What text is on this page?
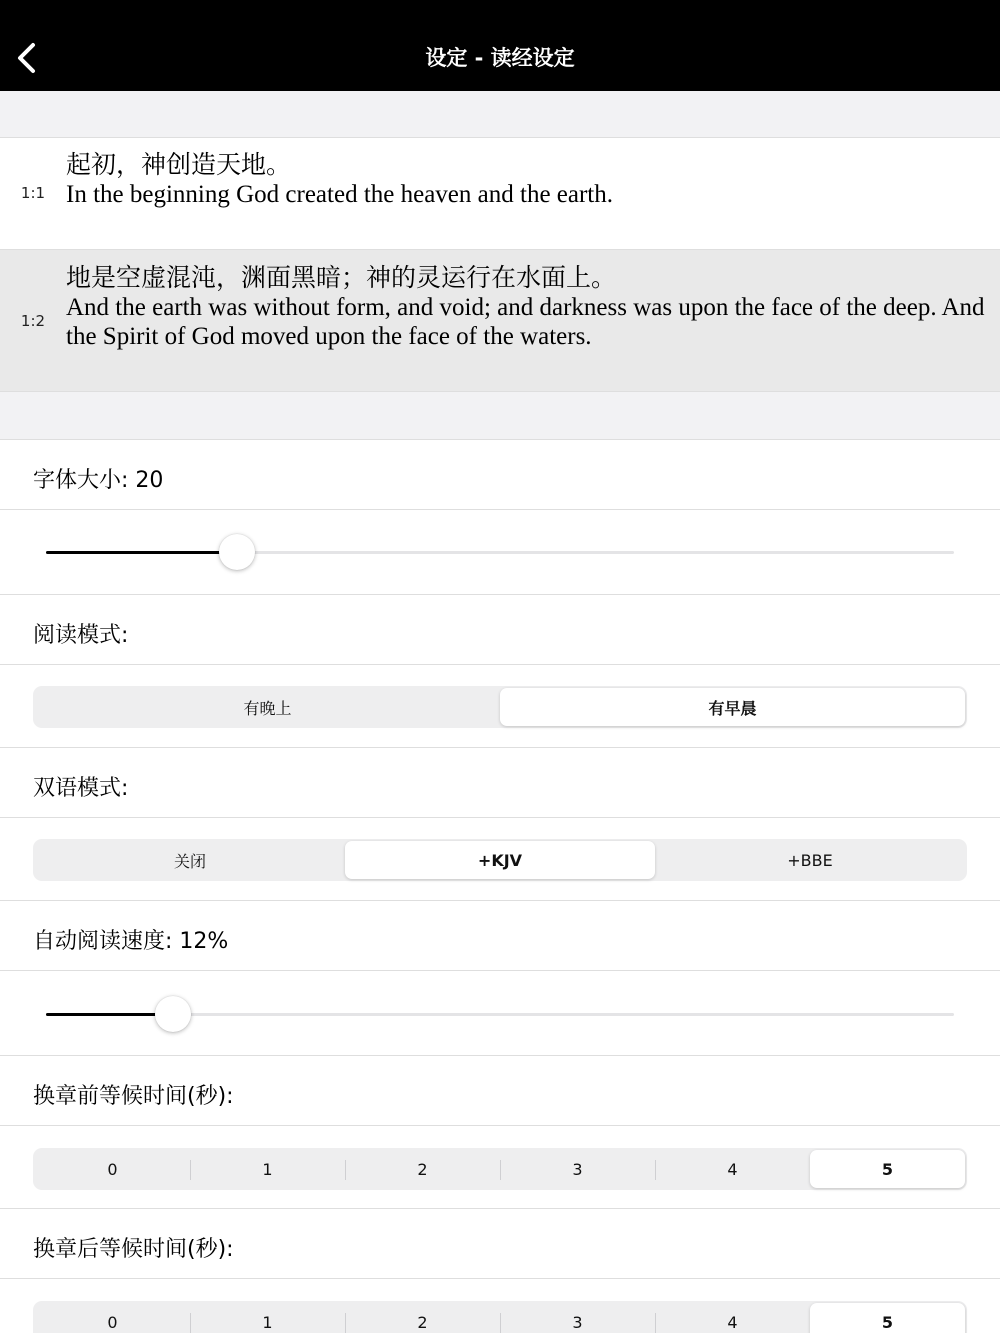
设定 - 读经设定
1:1
起初，神创造天地。
In the beginning God created the heaven and the earth.
1:2
地是空虚混沌，渊面黑暗；神的灵运行在水面上。
And the earth was without form, and void; and darkness was upon the face of the deep. And the Spirit of God moved upon the face of the waters.
字体大小: 20
阅读模式:
有晚上	有早晨
双语模式:
关闭	+KJV	+BBE
自动阅读速度: 12%
换章前等候时间(秒):
0	1	2	3	4	5
换章后等候时间(秒):
0	1	2	3	4	5
